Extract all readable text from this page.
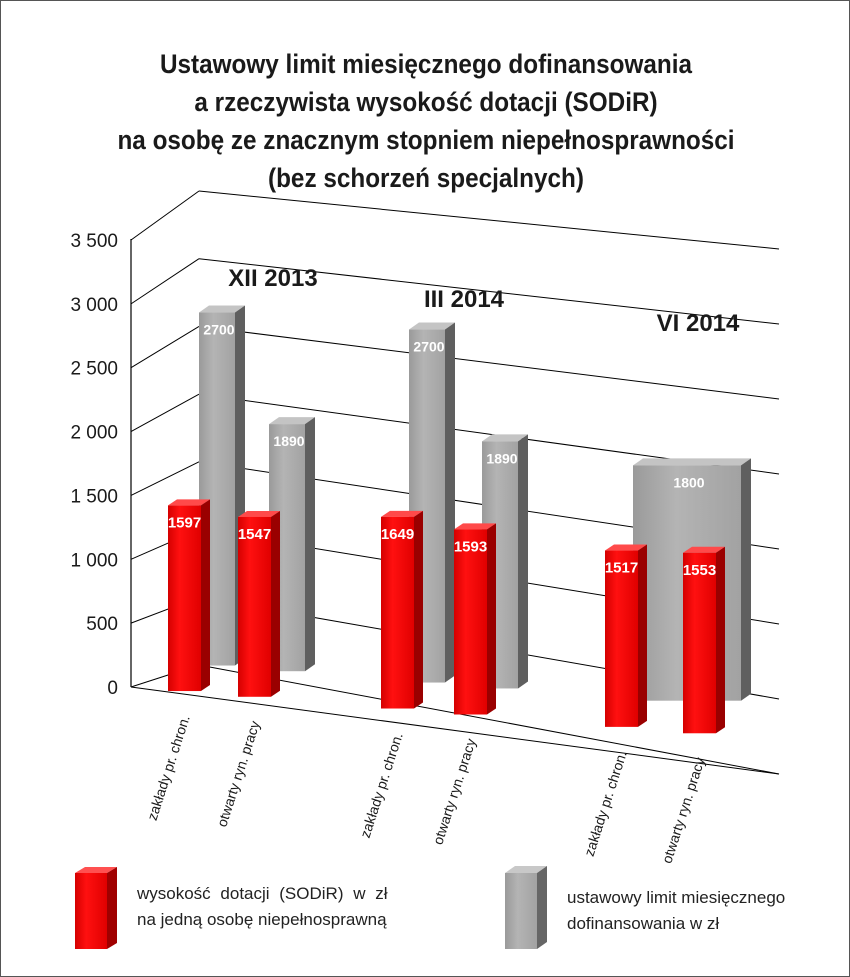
Ustawowy limit miesięcznego dofinansowania
a rzeczywista wysokość dotacji (SODiR)
na osobę ze znacznym stopniem niepełnosprawności
(bez schorzeń specjalnych)
0
500
1 000
1 500
2 000
2 500
3 000
3 500
2700
1890
1597
1547
XII 2013
zakłady pr. chron. otwarty ryn. pracy
2700
1890
1649
1593
III 2014
zakłady pr. chron. otwarty ryn. pracy
1800
1517	1553
VI 2014
zakłady pr. chron. otwarty ryn. pracy
wysokość dotacji (SODiR) w zł
na jedną osobę niepełnosprawną
ustawowy limit miesięcznego
dofinansowania w zł
